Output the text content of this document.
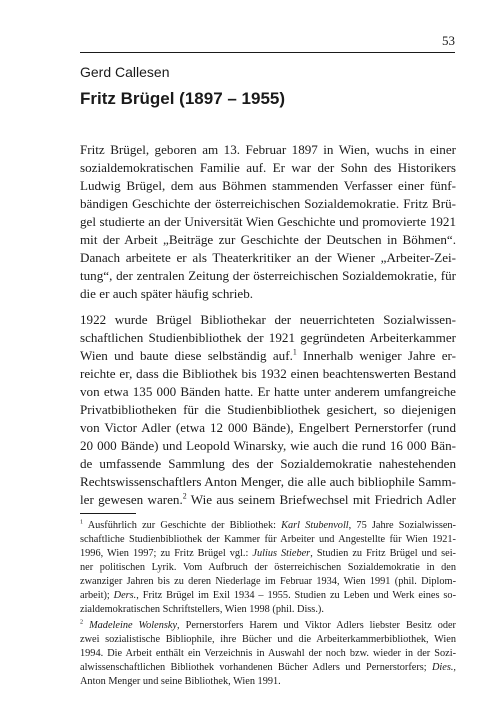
53
Gerd Callesen
Fritz Brügel (1897 – 1955)
Fritz Brügel, geboren am 13. Februar 1897 in Wien, wuchs in einer
sozialdemokratischen Familie auf. Er war der Sohn des Historikers
Ludwig Brügel, dem aus Böhmen stammenden Verfasser einer fünf-
bändigen Geschichte der österreichischen Sozialdemokratie. Fritz Brü-
gel studierte an der Universität Wien Geschichte und promovierte 1921
mit der Arbeit „Beiträge zur Geschichte der Deutschen in Böhmen“.
Danach arbeitete er als Theaterkritiker an der Wiener „Arbeiter-Zei-
tung“, der zentralen Zeitung der österreichischen Sozialdemokratie, für
die er auch später häufig schrieb.
1922 wurde Brügel Bibliothekar der neuerrichteten Sozialwissen-
schaftlichen Studienbibliothek der 1921 gegründeten Arbeiterkammer
Wien und baute diese selbständig auf.$^1$ Innerhalb weniger Jahre er-
reichte er, dass die Bibliothek bis 1932 einen beachtenswerten Bestand
von etwa 135 000 Bänden hatte. Er hatte unter anderem umfangreiche
Privatbibliotheken für die Studienbibliothek gesichert, so diejenigen
von Victor Adler (etwa 12 000 Bände), Engelbert Pernerstorfer (rund
20 000 Bände) und Leopold Winarsky, wie auch die rund 16 000 Bän-
de umfassende Sammlung des der Sozialdemokratie nahestehenden
Rechtswissenschaftlers Anton Menger, die alle auch bibliophile Samm-
ler gewesen waren.$^2$ Wie aus seinem Briefwechsel mit Friedrich Adler
$^1$ Ausführlich zur Geschichte der Bibliothek: Karl Stubenvoll, 75 Jahre Sozialwissen-
schaftliche Studienbibliothek der Kammer für Arbeiter und Angestellte für Wien 1921-
1996, Wien 1997; zu Fritz Brügel vgl.: Julius Stieber, Studien zu Fritz Brügel und sei-
ner politischen Lyrik. Vom Aufbruch der österreichischen Sozialdemokratie in den
zwanziger Jahren bis zu deren Niederlage im Februar 1934, Wien 1991 (phil. Diplom-
arbeit); Ders., Fritz Brügel im Exil 1934 – 1955. Studien zu Leben und Werk eines so-
zialdemokratischen Schriftstellers, Wien 1998 (phil. Diss.).
$^2$ Madeleine Wolensky, Pernerstorfers Harem und Viktor Adlers liebster Besitz oder
zwei sozialistische Bibliophile, ihre Bücher und die Arbeiterkammerbibliothek, Wien
1994. Die Arbeit enthält ein Verzeichnis in Auswahl der noch bzw. wieder in der Sozi-
alwissenschaftlichen Bibliothek vorhandenen Bücher Adlers und Pernerstorfers; Dies.,
Anton Menger und seine Bibliothek, Wien 1991.
